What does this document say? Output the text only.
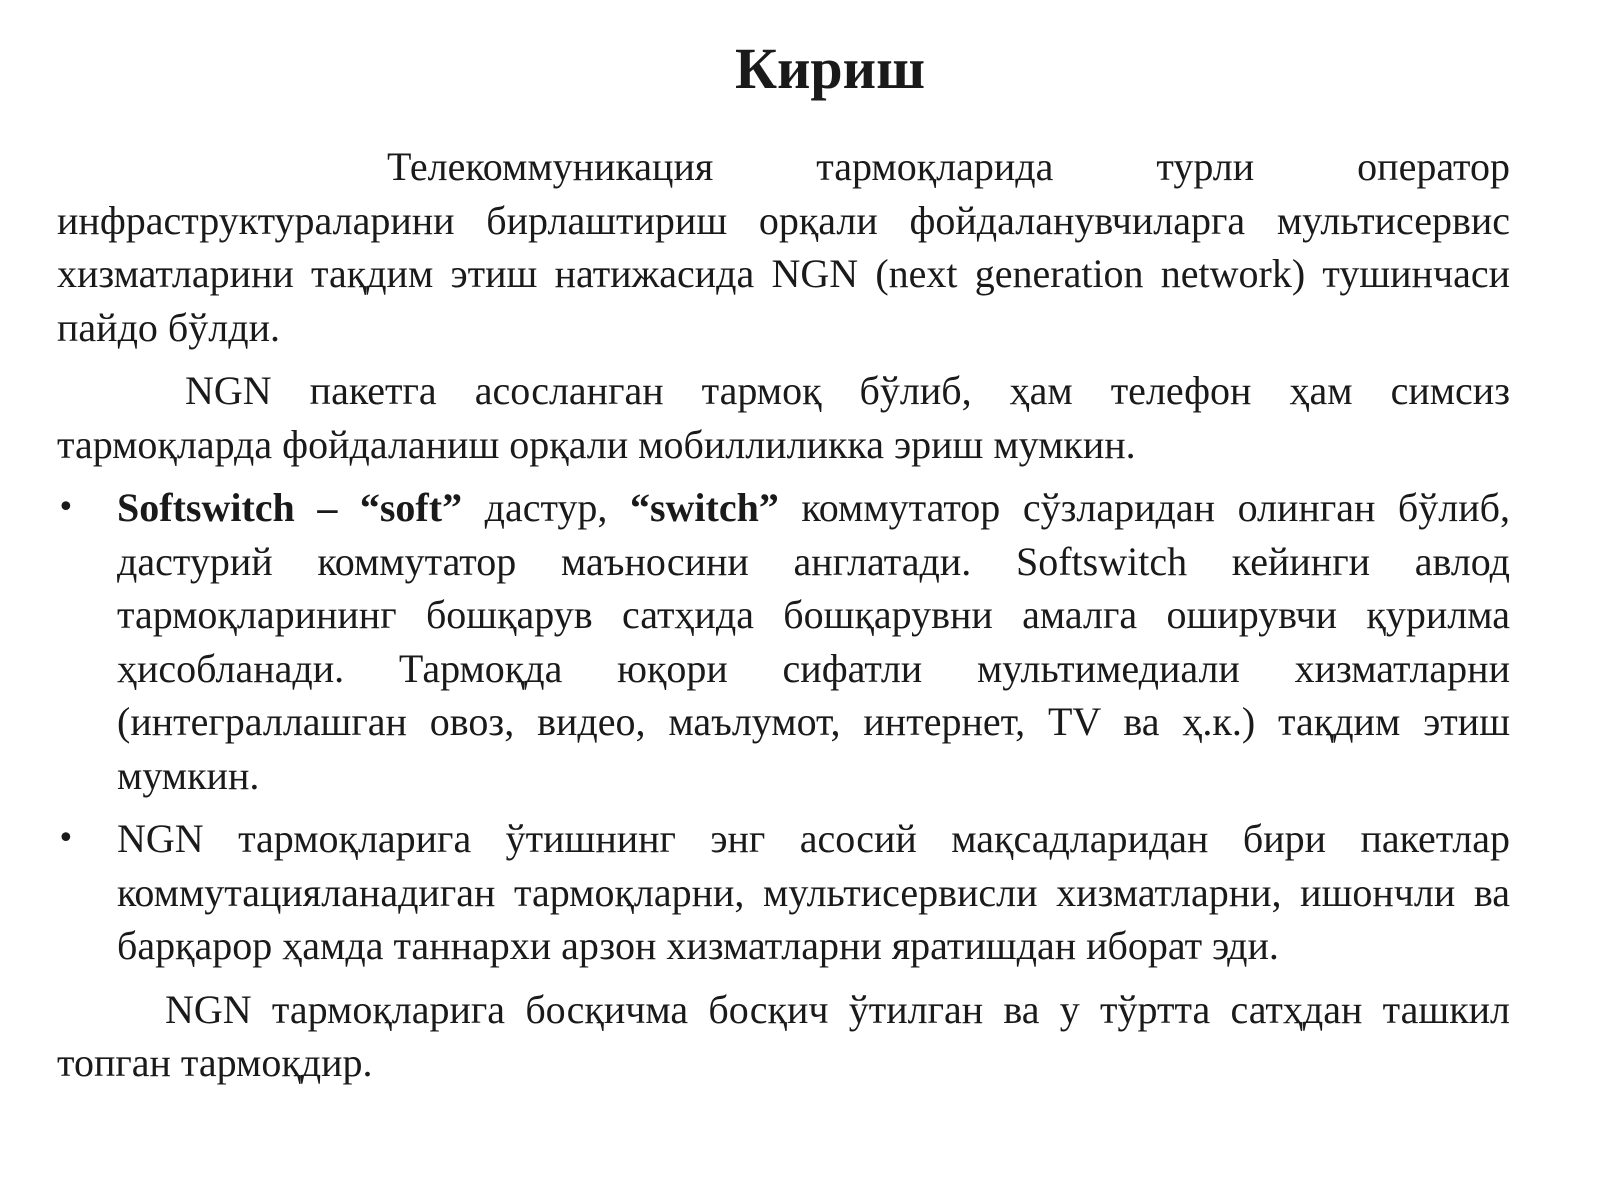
Кириш

Телекоммуникация тармоқларида турли оператор инфраструктураларини бирлаштириш орқали фойдаланувчиларга мультисервис хизматларини тақдим этиш натижасида NGN (next generation network) тушинчаси пайдо бўлди.

NGN пакетга асосланган тармоқ бўлиб, ҳам телефон ҳам симсиз тармоқларда фойдаланиш орқали мобиллиликка эриш мумкин.

• Softswitch – “soft” дастур, “switch” коммутатор сўзларидан олинган бўлиб, дастурий коммутатор маъносини англатади. Softswitch кейинги авлод тармоқларининг бошқарув сатҳида бошқарувни амалга оширувчи қурилма ҳисобланади. Тармоқда юқори сифатли мультимедиали хизматларни (интеграллашган овоз, видео, маълумот, интернет, TV ва ҳ.к.) тақдим этиш мумкин.
• NGN тармоқларига ўтишнинг энг асосий мақсадларидан бири пакетлар коммутацияланадиган тармоқларни, мультисервисли хизматларни, ишончли ва барқарор ҳамда таннархи арзон хизматларни яратишдан иборат эди.

NGN тармоқларига босқичма босқич ўтилган ва у тўртта сатҳдан ташкил топган тармоқдир.
